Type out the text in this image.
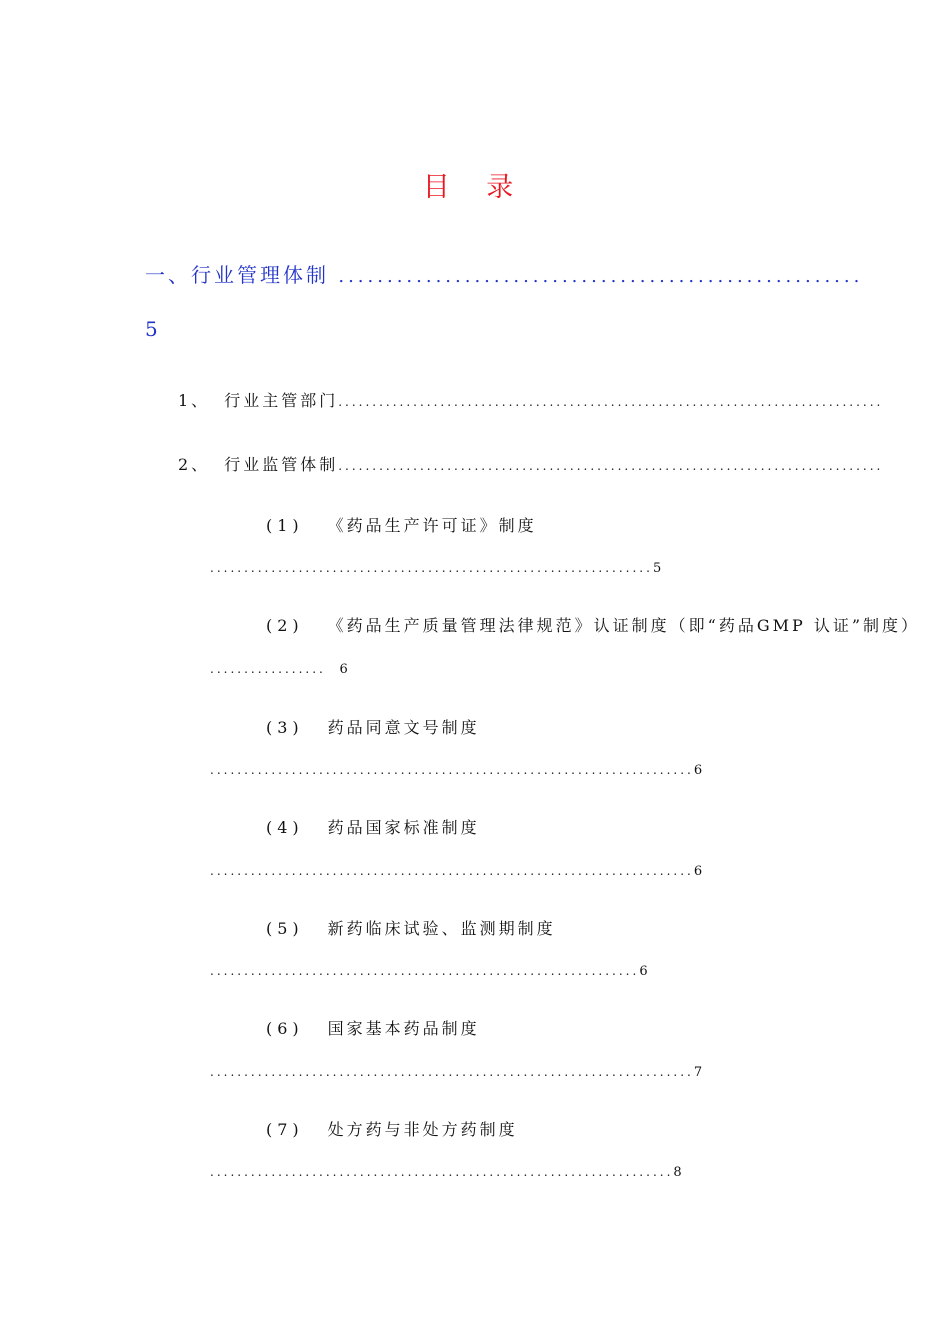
目 录
一、行业管理体制 ......................................................
5
1、 行业主管部门................................................................................
2、 行业监管体制................................................................................
(1) 《药品生产许可证》制度
.................................................................5
(2) 《药品生产质量管理法律规范》认证制度（即“药品GMP 认证”制度）
................. 6
(3) 药品同意文号制度
.......................................................................6
(4) 药品国家标准制度
.......................................................................6
(5) 新药临床试验、监测期制度
...............................................................6
(6) 国家基本药品制度
.......................................................................7
(7) 处方药与非处方药制度
....................................................................8
